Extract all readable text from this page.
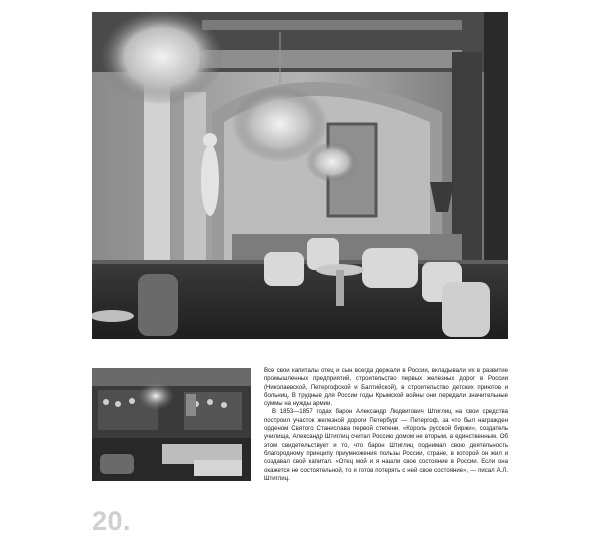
Все свои капиталы отец и сын всегда держали в России, вкладывали их в развитие промышленных предприятий, строительство первых железных дорог в России (Николаевской, Петергофской и Балтийской), в строительство детских приютов и больниц. В трудные для России годы Крымской войны они передали значительные суммы на нужды армии.

В 1853—1857 годах барон Александр Людвигович Штиглиц на свои средства построил участок железной дороги Петербург — Петергоф, за что был награжден орденом Святого Станислава первой степени. «Король русской биржи», создатель училища, Александр Штиглиц считал Россию домом не вторым, а единственным. Об этом свидетельствует и то, что барон Штиглиц поднимал свою деятельность благородному принципу приумножения пользы России, стране, в которой он жил и создавал свой капитал. «Отец мой и я нашли свое состояние в России. Если она окажется не состоятельной, то я готов потерять с ней свое состояние», — писал А.Л. Штиглиц.

20.
